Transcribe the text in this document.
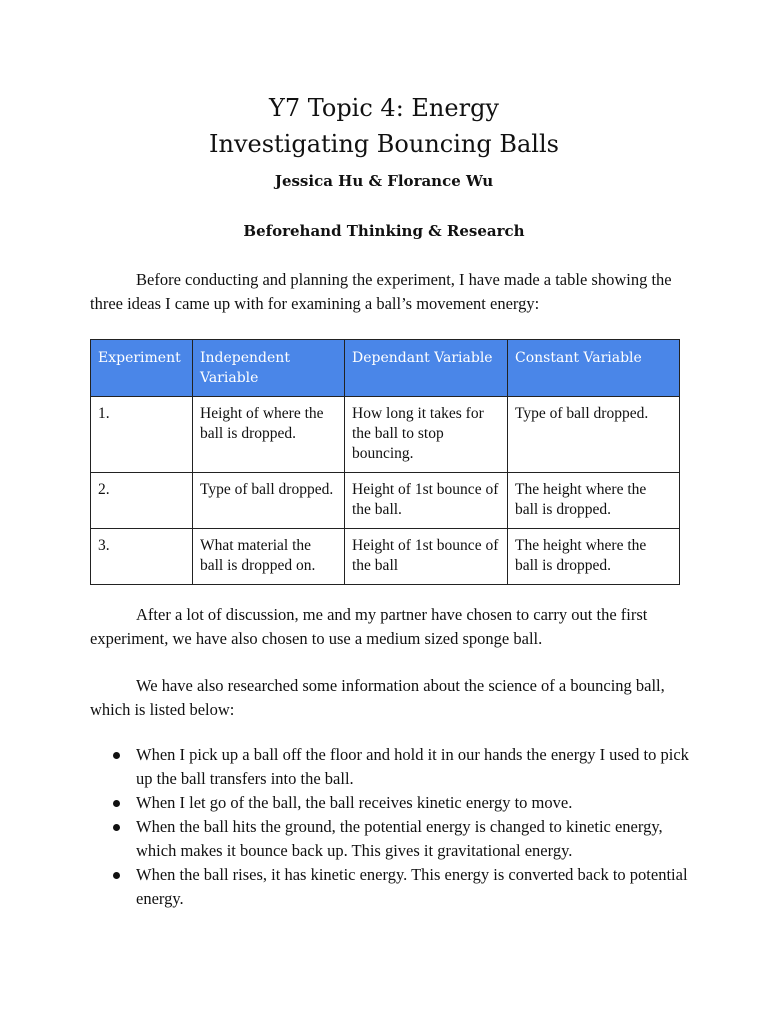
Y7 Topic 4: Energy
Investigating Bouncing Balls
Jessica Hu & Florance Wu
Beforehand Thinking & Research

Before conducting and planning the experiment, I have made a table showing the three ideas I came up with for examining a ball’s movement energy:

Experiment	Independent Variable	Dependant Variable	Constant Variable
1.	Height of where the ball is dropped.	How long it takes for the ball to stop bouncing.	Type of ball dropped.
2.	Type of ball dropped.	Height of 1st bounce of the ball.	The height where the ball is dropped.
3.	What material the ball is dropped on.	Height of 1st bounce of the ball	The height where the ball is dropped.

After a lot of discussion, me and my partner have chosen to carry out the first experiment, we have also chosen to use a medium sized sponge ball.

We have also researched some information about the science of a bouncing ball, which is listed below:

When I pick up a ball off the floor and hold it in our hands the energy I used to pick up the ball transfers into the ball.
When I let go of the ball, the ball receives kinetic energy to move.
When the ball hits the ground, the potential energy is changed to kinetic energy, which makes it bounce back up. This gives it gravitational energy.
When the ball rises, it has kinetic energy. This energy is converted back to potential energy.
